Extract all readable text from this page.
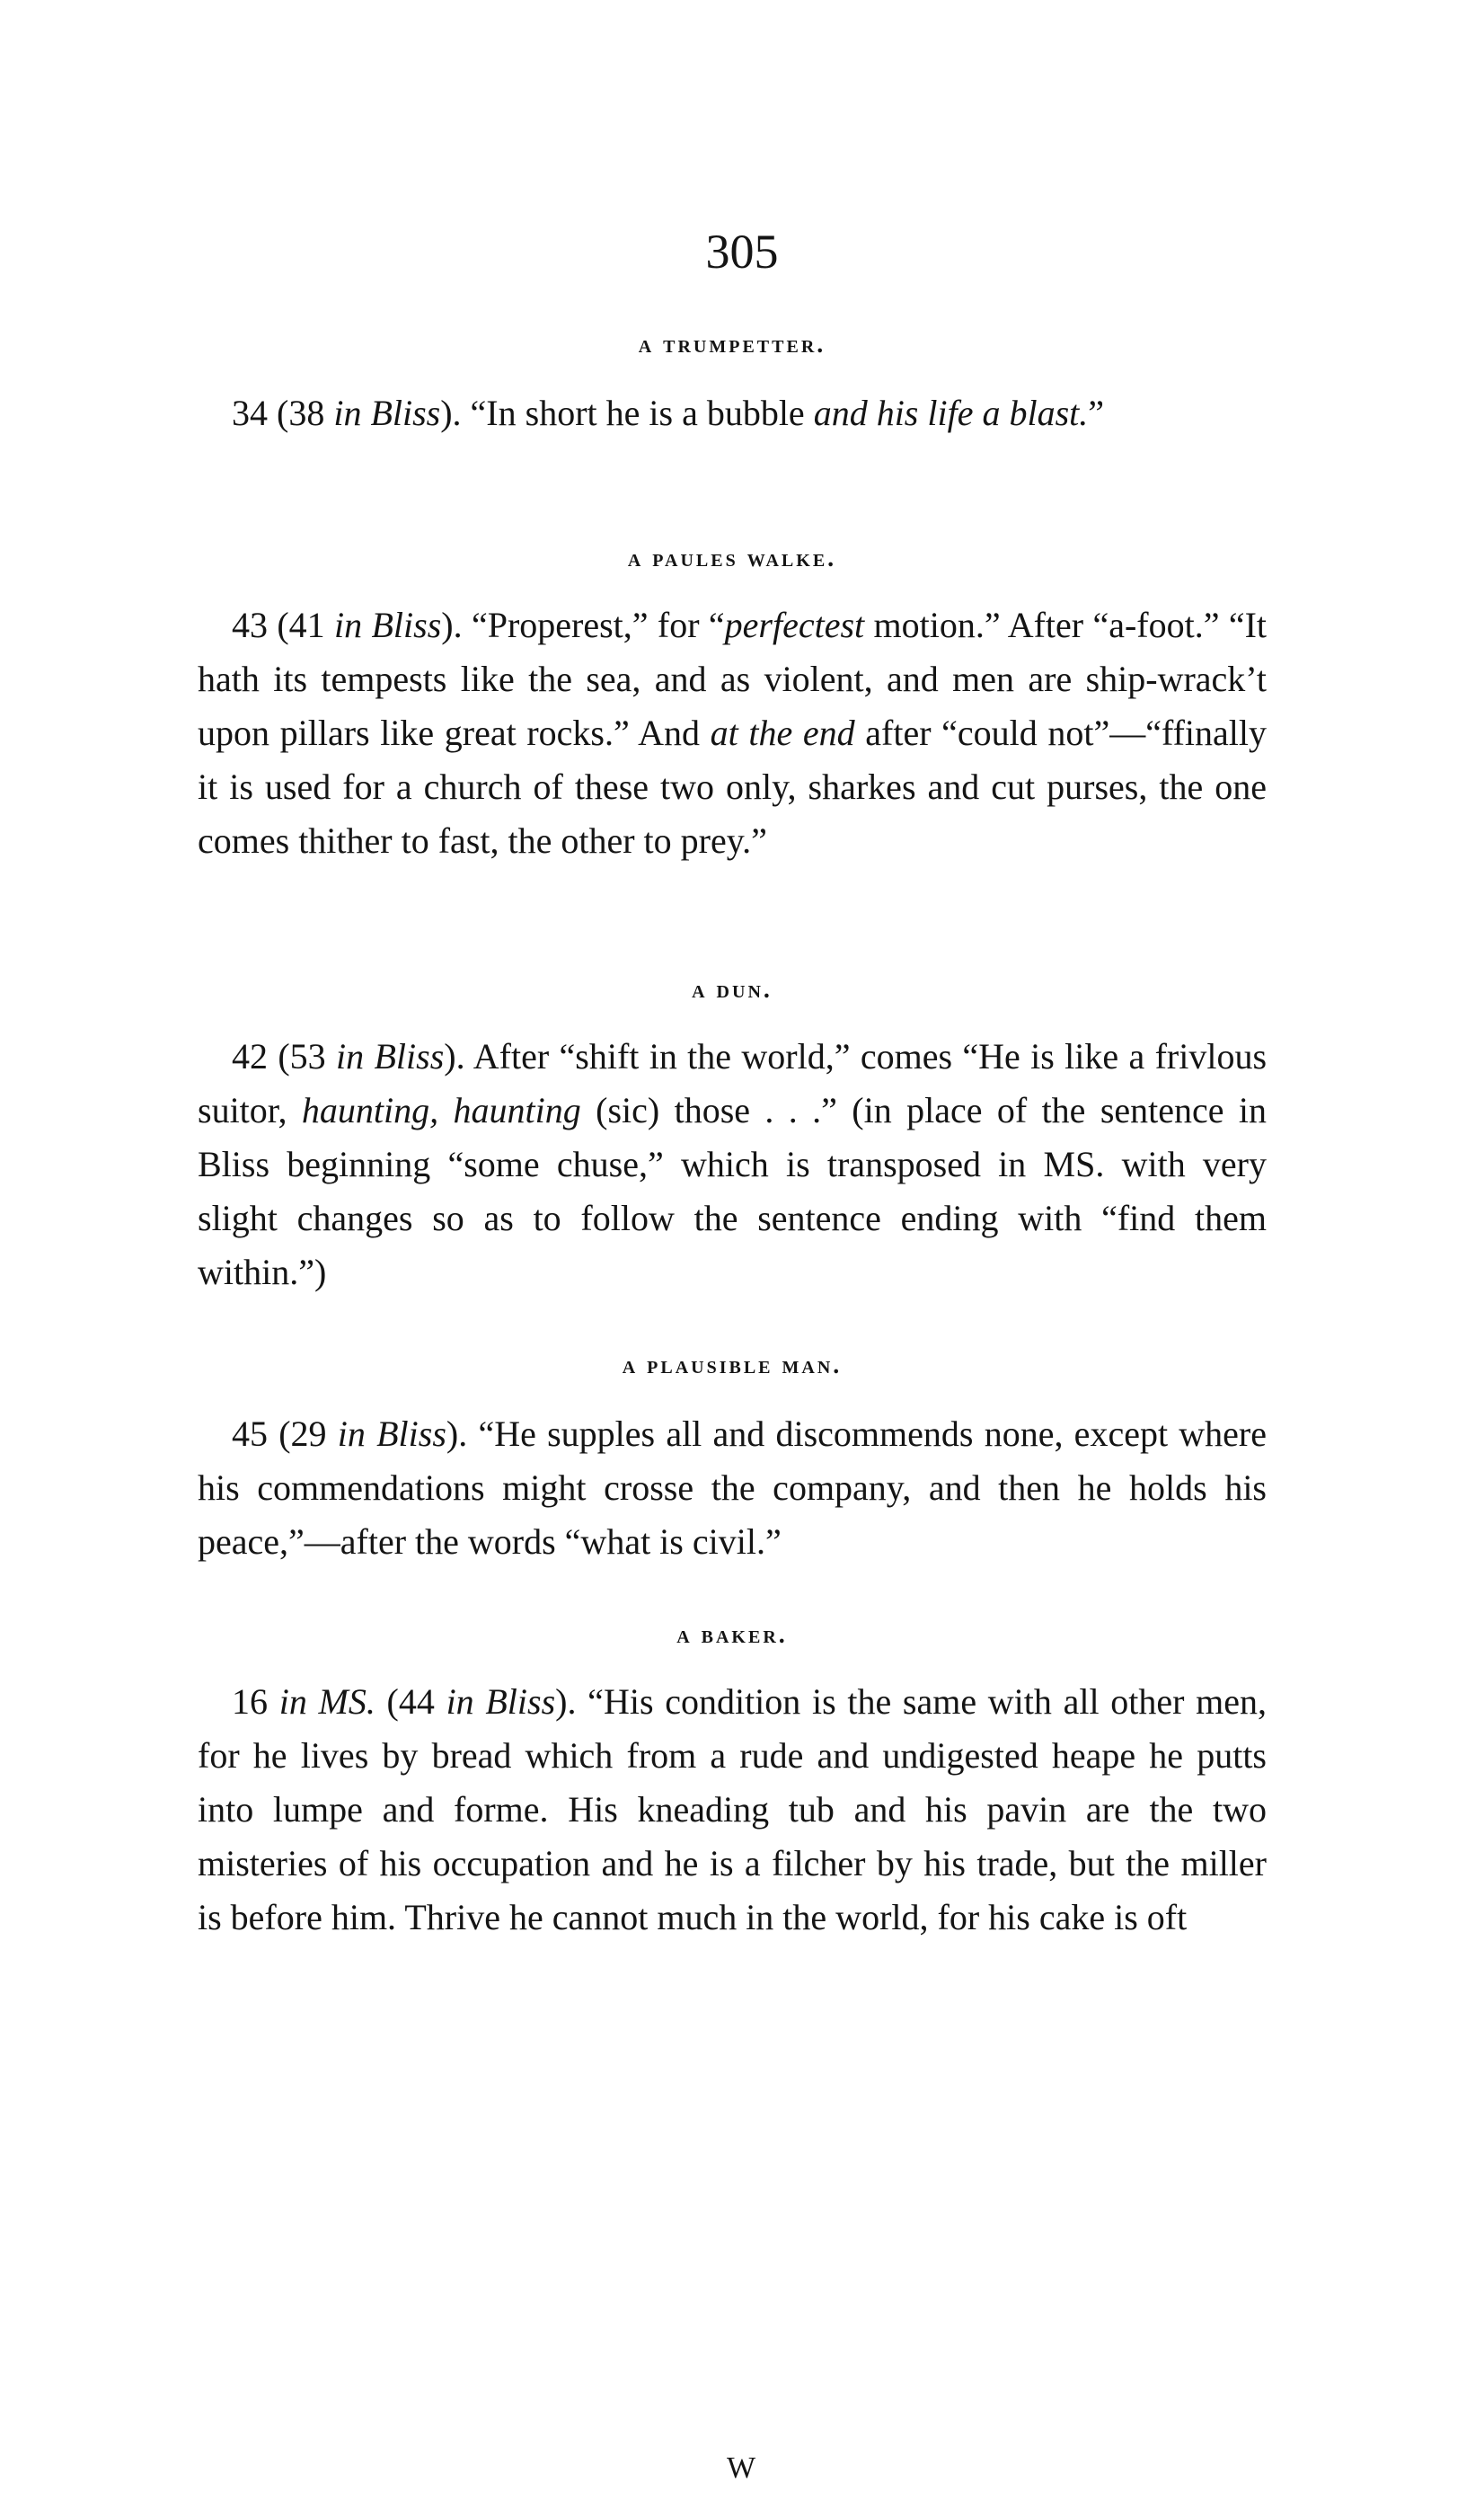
305

a trumpetter.

34 (38 in Bliss). “In short he is a bubble and his life a blast.”

a paules walke.

43 (41 in Bliss). “Properest,” for “perfectest motion.” After “a-foot.” “It hath its tempests like the sea, and as violent, and men are ship-wrack’t upon pillars like great rocks.” And at the end after “could not”—“ffinally it is used for a church of these two only, sharkes and cut purses, the one comes thither to fast, the other to prey.”

a dun.

42 (53 in Bliss). After “shift in the world,” comes “He is like a frivlous suitor, haunting, haunting (sic) those . . .” (in place of the sentence in Bliss beginning “some chuse,” which is transposed in MS. with very slight changes so as to follow the sentence ending with “find them within.”)

a plausible man.

45 (29 in Bliss). “He supples all and discommends none, except where his commendations might crosse the company, and then he holds his peace,”—after the words “what is civil.”

a baker.

16 in MS. (44 in Bliss). “His condition is the same with all other men, for he lives by bread which from a rude and undigested heape he putts into lumpe and forme. His kneading tub and his pavin are the two misteries of his occupation and he is a filcher by his trade, but the miller is before him. Thrive he cannot much in the world, for his cake is oft

W
